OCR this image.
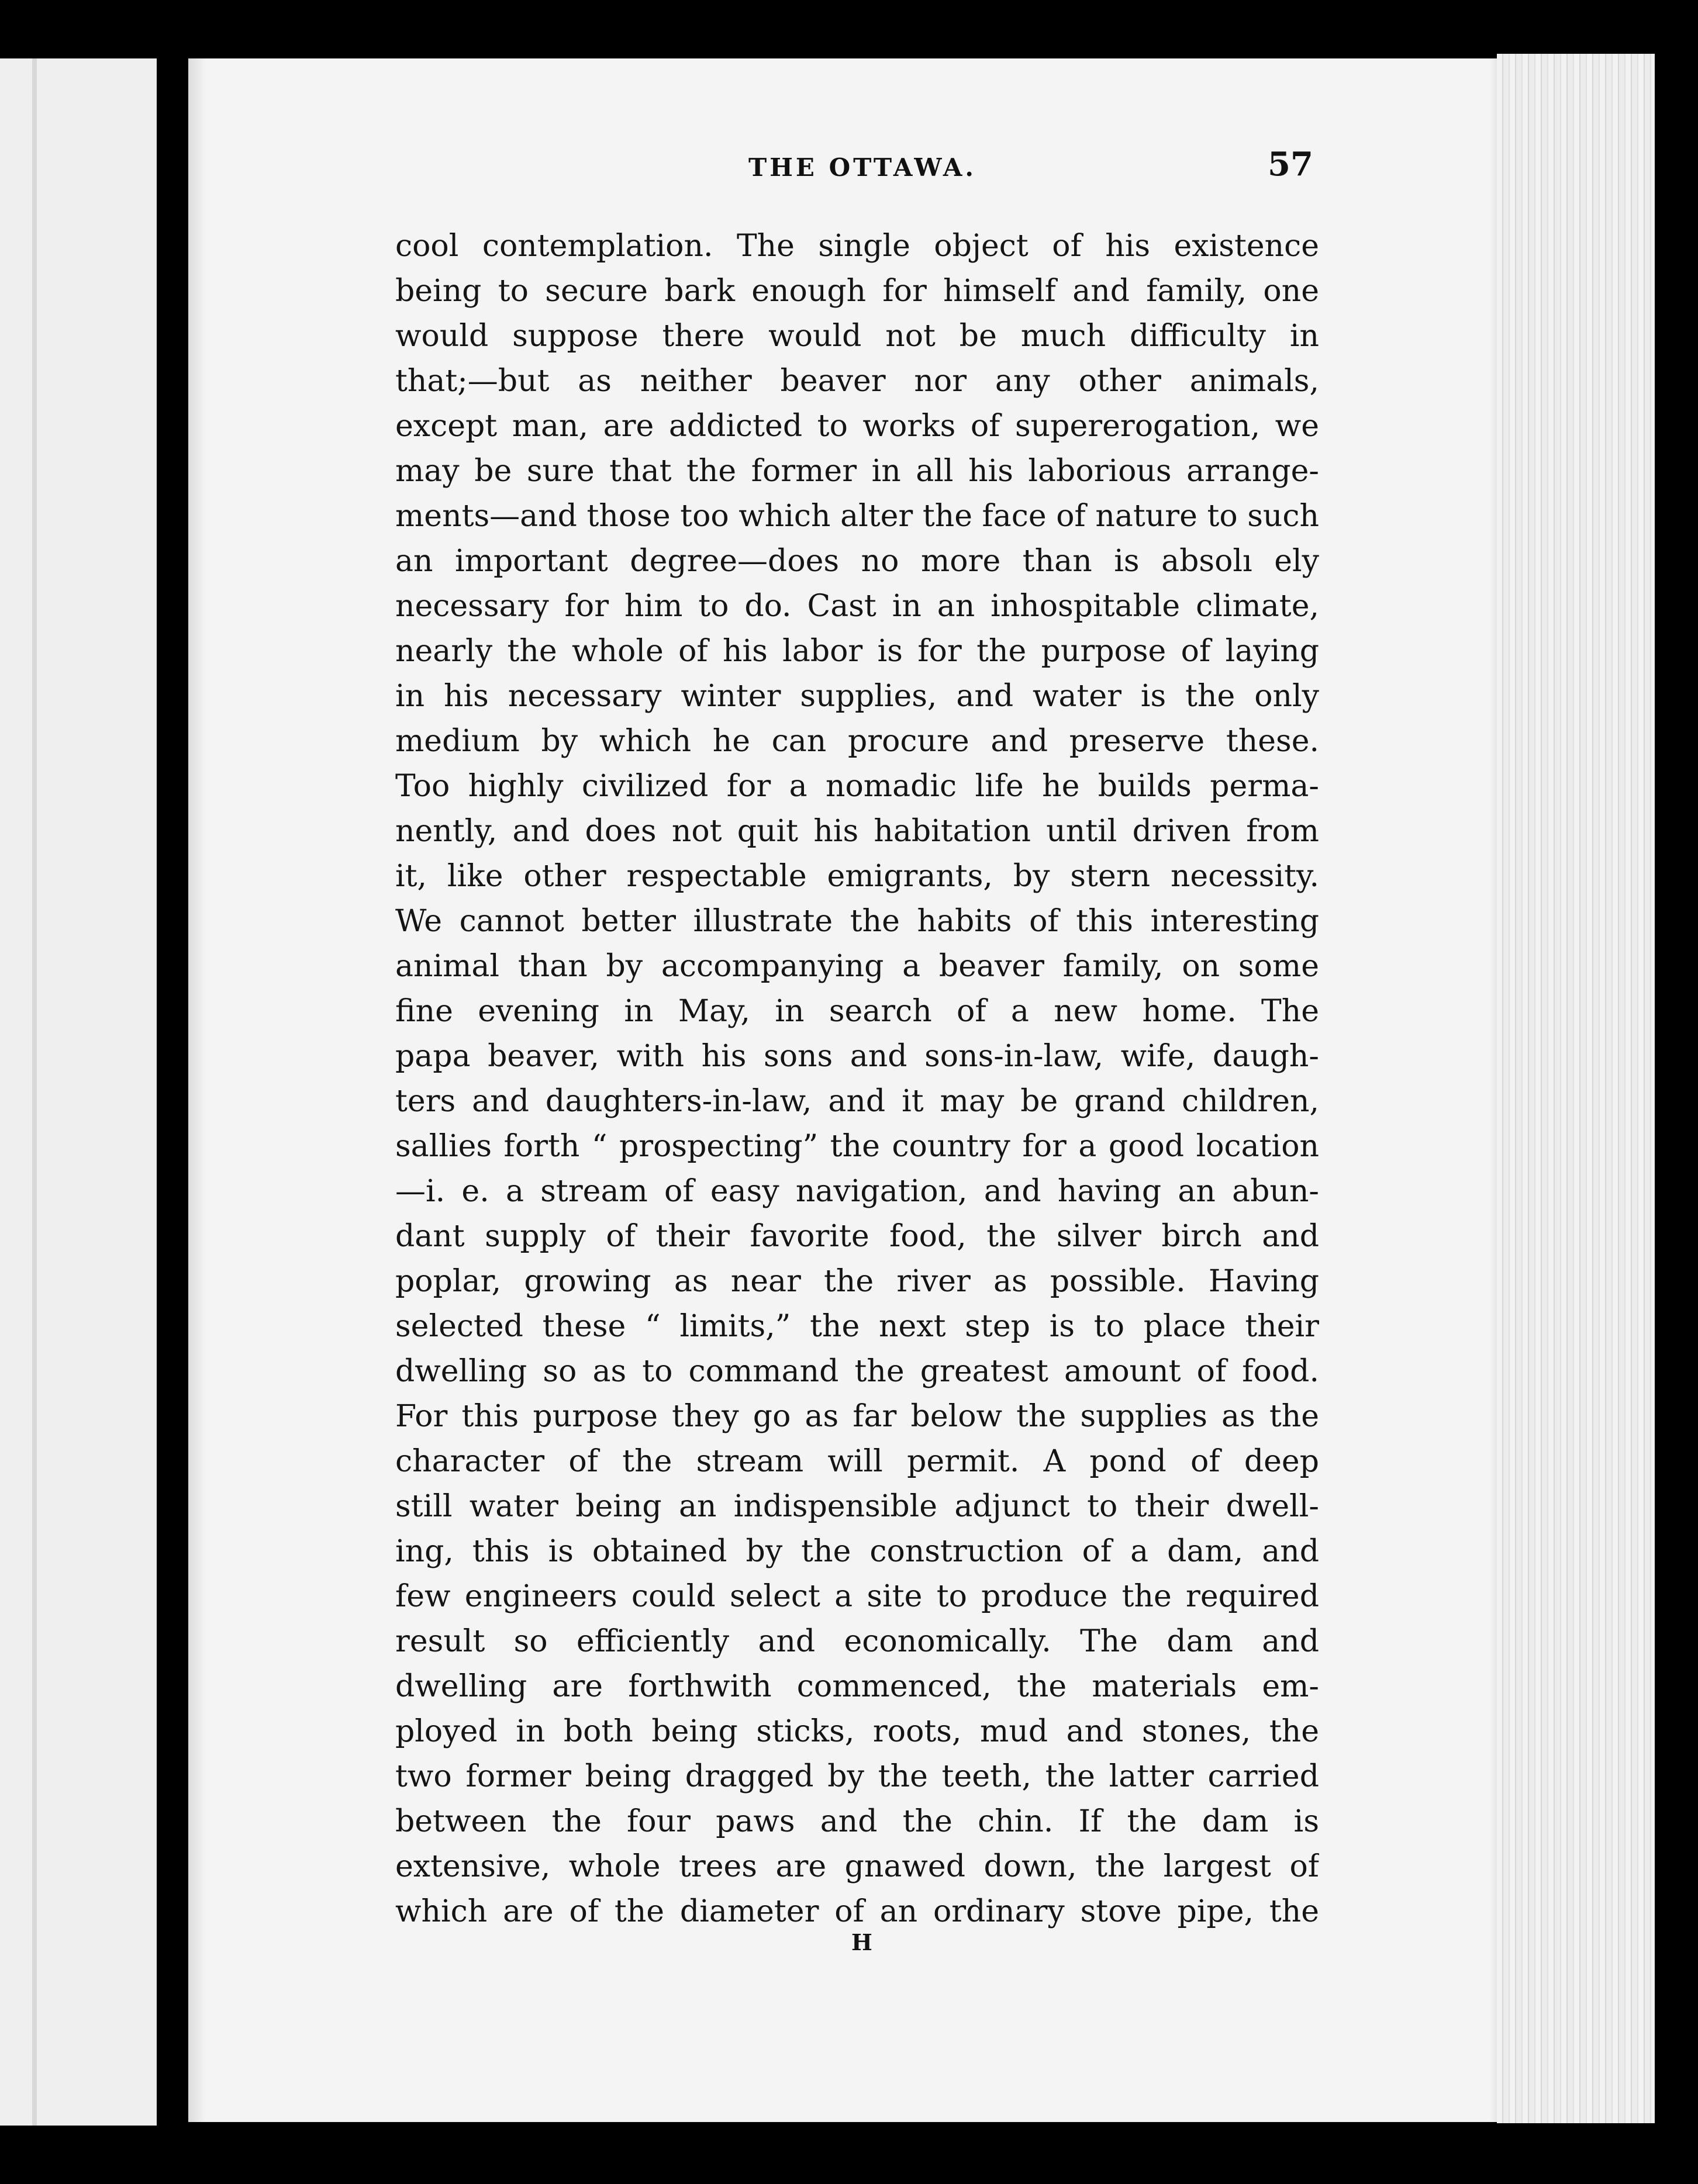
THE OTTAWA.	57
cool contemplation. The single object of his existence
being to secure bark enough for himself and family, one
would suppose there would not be much difficulty in
that;—but as neither beaver nor any other animals,
except man, are addicted to works of supererogation, we
may be sure that the former in all his laborious arrange-
ments—and those too which alter the face of nature to such
an important degree—does no more than is absolı ely
necessary for him to do. Cast in an inhospitable climate,
nearly the whole of his labor is for the purpose of laying
in his necessary winter supplies, and water is the only
medium by which he can procure and preserve these.
Too highly civilized for a nomadic life he builds perma-
nently, and does not quit his habitation until driven from
it, like other respectable emigrants, by stern necessity.
We cannot better illustrate the habits of this interesting
animal than by accompanying a beaver family, on some
fine evening in May, in search of a new home. The
papa beaver, with his sons and sons-in-law, wife, daugh-
ters and daughters-in-law, and it may be grand children,
sallies forth “ prospecting” the country for a good location
—i. e. a stream of easy navigation, and having an abun-
dant supply of their favorite food, the silver birch and
poplar, growing as near the river as possible. Having
selected these “ limits,” the next step is to place their
dwelling so as to command the greatest amount of food.
For this purpose they go as far below the supplies as the
character of the stream will permit. A pond of deep
still water being an indispensible adjunct to their dwell-
ing, this is obtained by the construction of a dam, and
few engineers could select a site to produce the required
result so efficiently and economically. The dam and
dwelling are forthwith commenced, the materials em-
ployed in both being sticks, roots, mud and stones, the
two former being dragged by the teeth, the latter carried
between the four paws and the chin. If the dam is
extensive, whole trees are gnawed down, the largest of
which are of the diameter of an ordinary stove pipe, the
H
